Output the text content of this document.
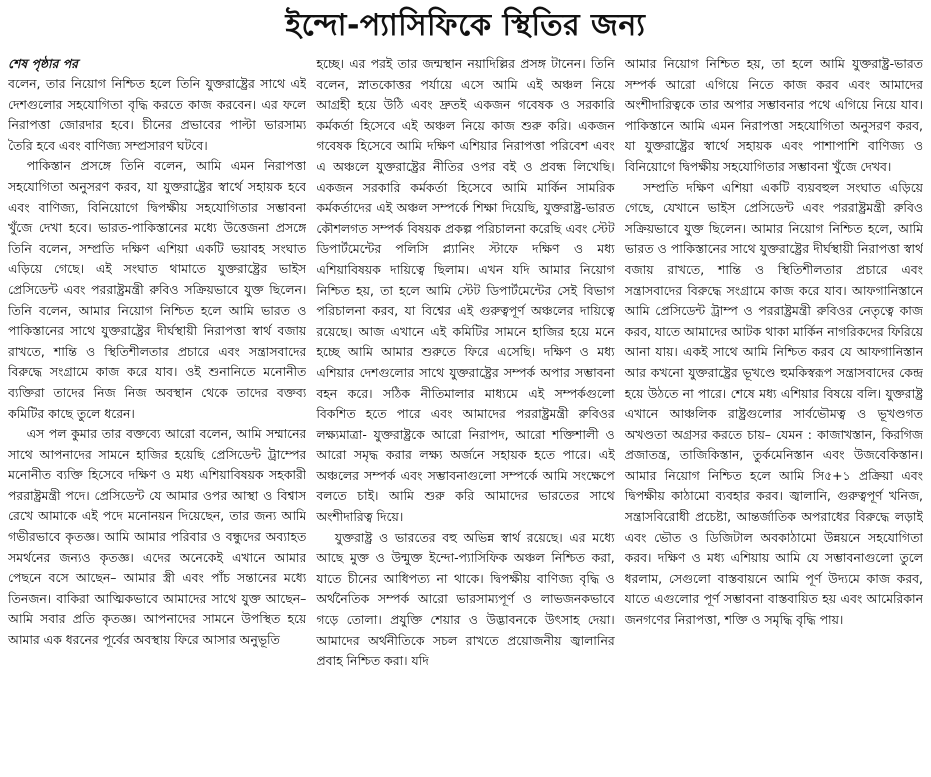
ইন্দো-প্যাসিফিকে স্থিতির জন্য
শেষ পৃষ্ঠার পর

বলেন, তার নিয়োগ নিশ্চিত হলে তিনি যুক্তরাষ্ট্রের সাথে এই দেশগুলোর সহযোগিতা বৃদ্ধি করতে কাজ করবেন। এর ফলে নিরাপত্তা জোরদার হবে। চীনের প্রভাবের পাল্টা ভারসাম্য তৈরি হবে এবং বাণিজ্য সম্প্রসারণ ঘটবে।

পাকিস্তান প্রসঙ্গে তিনি বলেন, আমি এমন নিরাপত্তা সহযোগিতা অনুসরণ করব, যা যুক্তরাষ্ট্রের স্বার্থে সহায়ক হবে এবং বাণিজ্য, বিনিয়োগে দ্বিপক্ষীয় সহযোগিতার সম্ভাবনা খুঁজে দেখা হবে। ভারত-পাকিস্তানের মধ্যে উত্তেজনা প্রসঙ্গে তিনি বলেন, সম্প্রতি দক্ষিণ এশিয়া একটি ভয়াবহ সংঘাত এড়িয়ে গেছে। এই সংঘাত থামাতে যুক্তরাষ্ট্রের ভাইস প্রেসিডেন্ট এবং পররাষ্ট্রমন্ত্রী রুবিও সক্রিয়ভাবে যুক্ত ছিলেন। তিনি বলেন, আমার নিয়োগ নিশ্চিত হলে আমি ভারত ও পাকিস্তানের সাথে যুক্তরাষ্ট্রের দীর্ঘস্থায়ী নিরাপত্তা স্বার্থ বজায় রাখতে, শান্তি ও স্থিতিশীলতার প্রচারে এবং সন্ত্রাসবাদের বিরুদ্ধে সংগ্রামে কাজ করে যাব। ওই শুনানিতে মনোনীত ব্যক্তিরা তাদের নিজ নিজ অবস্থান থেকে তাদের বক্তব্য কমিটির কাছে তুলে ধরেন।

এস পল কুমার তার বক্তব্যে আরো বলেন, আমি সম্মানের সাথে আপনাদের সামনে হাজির হয়েছি প্রেসিডেন্ট ট্রাম্পের মনোনীত ব্যক্তি হিসেবে দক্ষিণ ও মধ্য এশিয়াবিষয়ক সহকারী পররাষ্ট্রমন্ত্রী পদে। প্রেসিডেন্ট যে আমার ওপর আস্থা ও বিশ্বাস রেখে আমাকে এই পদে মনোনয়ন দিয়েছেন, তার জন্য আমি গভীরভাবে কৃতজ্ঞ। আমি আমার পরিবার ও বন্ধুদের অব্যাহত সমর্থনের জন্যও কৃতজ্ঞ। এদের অনেকেই এখানে আমার পেছনে বসে আছেন– আমার স্ত্রী এবং পাঁচ সন্তানের মধ্যে তিনজন। বাকিরা আত্মিকভাবে আমাদের সাথে যুক্ত আছেন– আমি সবার প্রতি কৃতজ্ঞ। আপনাদের সামনে উপস্থিত হয়ে আমার এক ধরনের পূর্বের অবস্থায় ফিরে আসার অনুভূতি

হচ্ছে। এর পরই তার জন্মস্থান নয়াদিল্লির প্রসঙ্গ টানেন। তিনি বলেন, স্নাতকোত্তর পর্যায়ে এসে আমি এই অঞ্চল নিয়ে আগ্রহী হয়ে উঠি এবং দ্রুতই একজন গবেষক ও সরকারি কর্মকর্তা হিসেবে এই অঞ্চল নিয়ে কাজ শুরু করি। একজন গবেষক হিসেবে আমি দক্ষিণ এশিয়ার নিরাপত্তা পরিবেশ এবং এ অঞ্চলে যুক্তরাষ্ট্রের নীতির ওপর বই ও প্রবন্ধ লিখেছি। একজন সরকারি কর্মকর্তা হিসেবে আমি মার্কিন সামরিক কর্মকর্তাদের এই অঞ্চল সম্পর্কে শিক্ষা দিয়েছি, যুক্তরাষ্ট্র-ভারত কৌশলগত সম্পর্ক বিষয়ক প্রকল্প পরিচালনা করেছি এবং স্টেট ডিপার্টমেন্টের পলিসি প্ল্যানিং স্টাফে দক্ষিণ ও মধ্য এশিয়াবিষয়ক দায়িত্বে ছিলাম। এখন যদি আমার নিয়োগ নিশ্চিত হয়, তা হলে আমি স্টেট ডিপার্টমেন্টের সেই বিভাগ পরিচালনা করব, যা বিশ্বের এই গুরুত্বপূর্ণ অঞ্চলের দায়িত্বে রয়েছে। আজ এখানে এই কমিটির সামনে হাজির হয়ে মনে হচ্ছে আমি আমার শুরুতে ফিরে এসেছি। দক্ষিণ ও মধ্য এশিয়ার দেশগুলোর সাথে যুক্তরাষ্ট্রের সম্পর্ক অপার সম্ভাবনা বহন করে। সঠিক নীতিমালার মাধ্যমে এই সম্পর্কগুলো বিকশিত হতে পারে এবং আমাদের পররাষ্ট্রমন্ত্রী রুবিওর লক্ষ্যমাত্রা- যুক্তরাষ্ট্রকে আরো নিরাপদ, আরো শক্তিশালী ও আরো সমৃদ্ধ করার লক্ষ্য অর্জনে সহায়ক হতে পারে। এই অঞ্চলের সম্পর্ক এবং সম্ভাবনাগুলো সম্পর্কে আমি সংক্ষেপে বলতে চাই। আমি শুরু করি আমাদের ভারতের সাথে অংশীদারিত্ব দিয়ে।

যুক্তরাষ্ট্র ও ভারতের বহু অভিন্ন স্বার্থ রয়েছে। এর মধ্যে আছে মুক্ত ও উন্মুক্ত ইন্দো-প্যাসিফিক অঞ্চল নিশ্চিত করা, যাতে চীনের আধিপত্য না থাকে। দ্বিপক্ষীয় বাণিজ্য বৃদ্ধি ও অর্থনৈতিক সম্পর্ক আরো ভারসাম্যপূর্ণ ও লাভজনকভাবে গড়ে তোলা। প্রযুক্তি শেয়ার ও উদ্ভাবনকে উৎসাহ দেয়া। আমাদের অর্থনীতিকে সচল রাখতে প্রয়োজনীয় জ্বালানির প্রবাহ নিশ্চিত করা। যদি

আমার নিয়োগ নিশ্চিত হয়, তা হলে আমি যুক্তরাষ্ট্র-ভারত সম্পর্ক আরো এগিয়ে নিতে কাজ করব এবং আমাদের অংশীদারিত্বকে তার অপার সম্ভাবনার পথে এগিয়ে নিয়ে যাব। পাকিস্তানে আমি এমন নিরাপত্তা সহযোগিতা অনুসরণ করব, যা যুক্তরাষ্ট্রের স্বার্থে সহায়ক এবং পাশাপাশি বাণিজ্য ও বিনিয়োগে দ্বিপক্ষীয় সহযোগিতার সম্ভাবনা খুঁজে দেখব।

সম্প্রতি দক্ষিণ এশিয়া একটি ব্যয়বহুল সংঘাত এড়িয়ে গেছে, যেখানে ভাইস প্রেসিডেন্ট এবং পররাষ্ট্রমন্ত্রী রুবিও সক্রিয়ভাবে যুক্ত ছিলেন। আমার নিয়োগ নিশ্চিত হলে, আমি ভারত ও পাকিস্তানের সাথে যুক্তরাষ্ট্রের দীর্ঘস্থায়ী নিরাপত্তা স্বার্থ বজায় রাখতে, শান্তি ও স্থিতিশীলতার প্রচারে এবং সন্ত্রাসবাদের বিরুদ্ধে সংগ্রামে কাজ করে যাব। আফগানিস্তানে আমি প্রেসিডেন্ট ট্রাম্প ও পররাষ্ট্রমন্ত্রী রুবিওর নেতৃত্বে কাজ করব, যাতে আমাদের আটক থাকা মার্কিন নাগরিকদের ফিরিয়ে আনা যায়। একই সাথে আমি নিশ্চিত করব যে আফগানিস্তান আর কখনো যুক্তরাষ্ট্রের ভূখণ্ডে হুমকিস্বরূপ সন্ত্রাসবাদের কেন্দ্র হয়ে উঠতে না পারে। শেষে মধ্য এশিয়ার বিষয়ে বলি। যুক্তরাষ্ট্র এখানে আঞ্চলিক রাষ্ট্রগুলোর সার্বভৌমত্ব ও ভূখণ্ডগত অখণ্ডতা অগ্রসর করতে চায়– যেমন : কাজাখস্তান, কিরগিজ প্রজাতন্ত্র, তাজিকিস্তান, তুর্কমেনিস্তান এবং উজবেকিস্তান। আমার নিয়োগ নিশ্চিত হলে আমি সি৫+১ প্রক্রিয়া এবং দ্বিপক্ষীয় কাঠামো ব্যবহার করব। জ্বালানি, গুরুত্বপূর্ণ খনিজ, সন্ত্রাসবিরোধী প্রচেষ্টা, আন্তর্জাতিক অপরাধের বিরুদ্ধে লড়াই এবং ভৌত ও ডিজিটাল অবকাঠামো উন্নয়নে সহযোগিতা করব। দক্ষিণ ও মধ্য এশিয়ায় আমি যে সম্ভাবনাগুলো তুলে ধরলাম, সেগুলো বাস্তবায়নে আমি পূর্ণ উদ্যমে কাজ করব, যাতে এগুলোর পূর্ণ সম্ভাবনা বাস্তবায়িত হয় এবং আমেরিকান জনগণের নিরাপত্তা, শক্তি ও সমৃদ্ধি বৃদ্ধি পায়।
